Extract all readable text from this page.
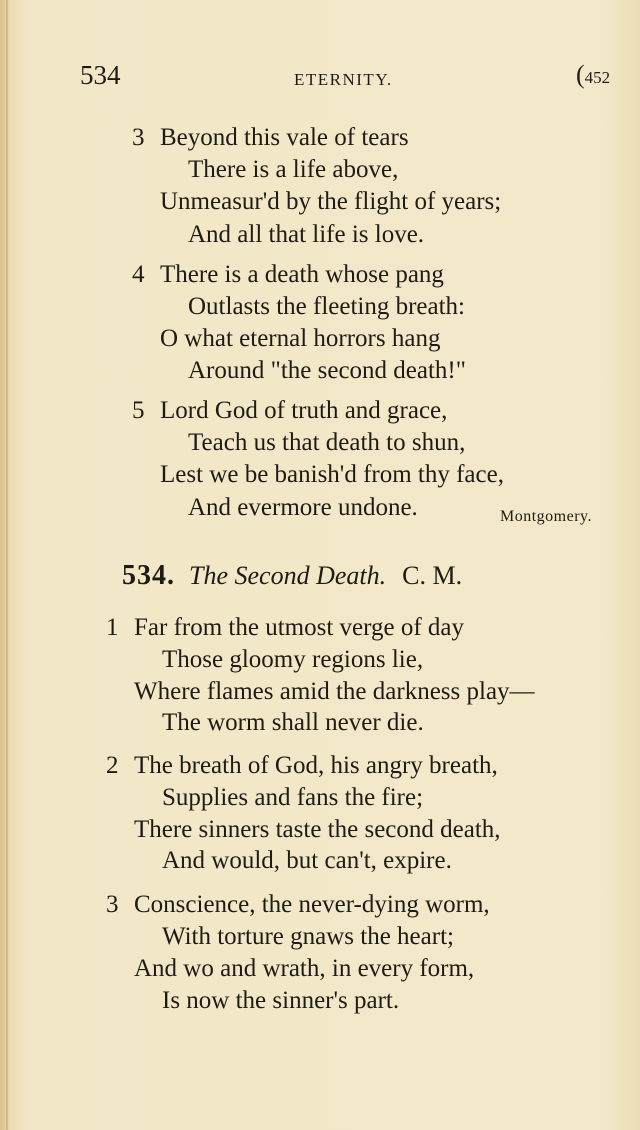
534	ETERNITY.	(452
3 Beyond this vale of tears
There is a life above,
Unmeasur'd by the flight of years;
And all that life is love.
4 There is a death whose pang
Outlasts the fleeting breath:
O what eternal horrors hang
Around "the second death!"
5 Lord God of truth and grace,
Teach us that death to shun,
Lest we be banish'd from thy face,
And evermore undone.	Montgomery.
534. The Second Death. C. M.
1 Far from the utmost verge of day
Those gloomy regions lie,
Where flames amid the darkness play—
The worm shall never die.
2 The breath of God, his angry breath,
Supplies and fans the fire;
There sinners taste the second death,
And would, but can't, expire.
3 Conscience, the never-dying worm,
With torture gnaws the heart;
And wo and wrath, in every form,
Is now the sinner's part.
